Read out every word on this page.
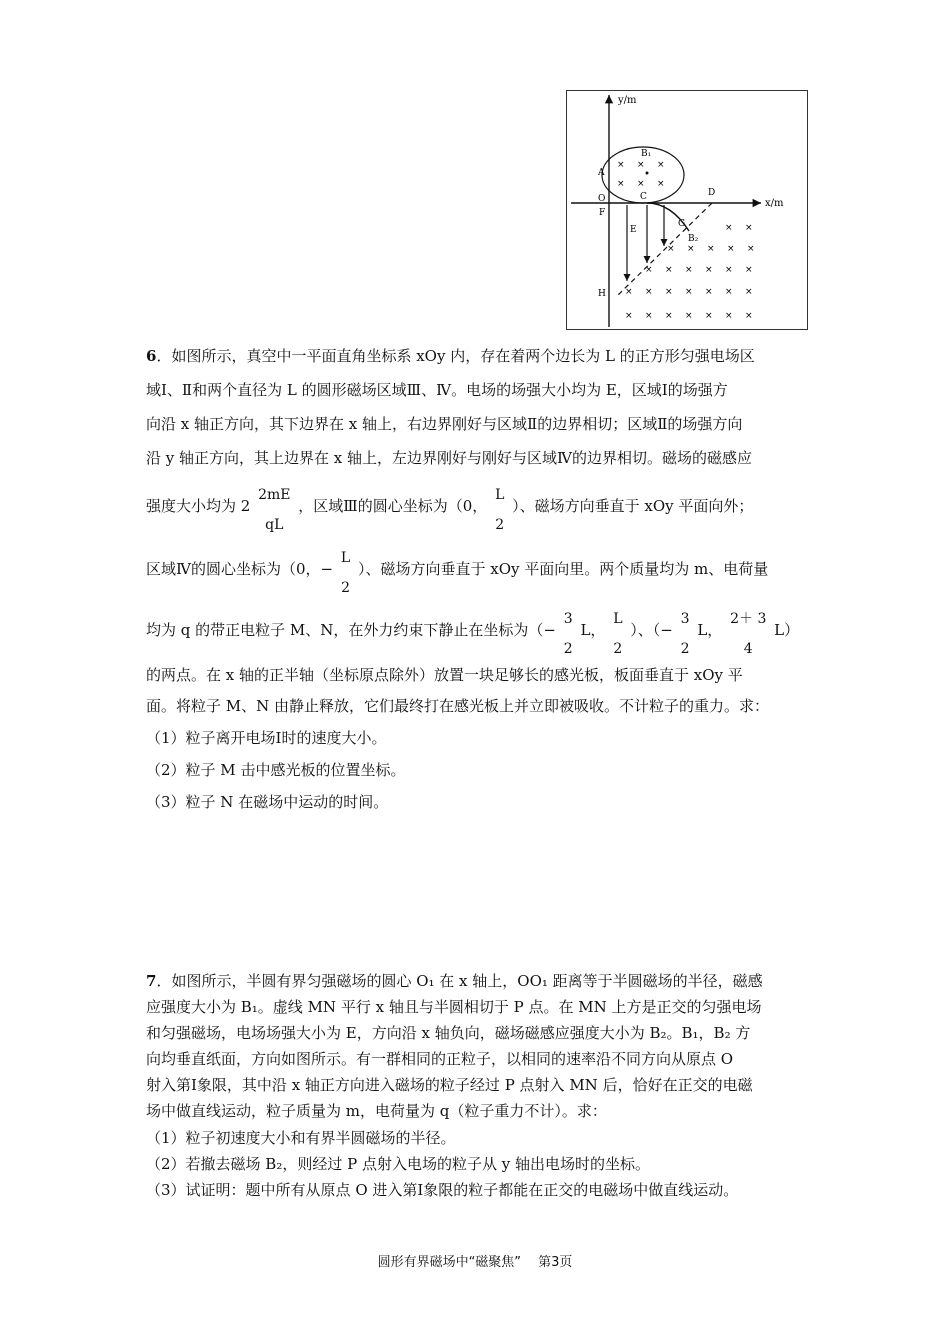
y/m
x/m
B₁
A
O
F
C	D
E
G
B₂
H
× × ×
× × ×
× ×
× × × × ×
× × × × × ×
× × × × × × ×
× × × × × × ×
6．如图所示，真空中一平面直角坐标系 xOy 内，存在着两个边长为 L 的正方形匀强电场区
域Ⅰ、Ⅱ和两个直径为 L 的圆形磁场区域Ⅲ、Ⅳ。电场的场强大小均为 E，区域Ⅰ的场强方
向沿 x 轴正方向，其下边界在 x 轴上，右边界刚好与区域Ⅱ的边界相切；区域Ⅱ的场强方向
沿 y 轴正方向，其上边界在 x 轴上，左边界刚好与刚好与区域Ⅳ的边界相切。磁场的磁感应
强度大小均为 2
2mE
qL
，区域Ⅲ的圆心坐标为（0，
L
2
）、磁场方向垂直于 xOy 平面向外；
区域Ⅳ的圆心坐标为（0，−
L
2
）、磁场方向垂直于 xOy 平面向里。两个质量均为 m、电荷量
均为 q 的带正电粒子 M、N，在外力约束下静止在坐标为（−
3
2
L，
L
2
）、（−
3
2
L，
2＋ 3
4
L）
的两点。在 x 轴的正半轴（坐标原点除外）放置一块足够长的感光板，板面垂直于 xOy 平
面。将粒子 M、N 由静止释放，它们最终打在感光板上并立即被吸收。不计粒子的重力。求：
（1）粒子离开电场Ⅰ时的速度大小。
（2）粒子 M 击中感光板的位置坐标。
（3）粒子 N 在磁场中运动的时间。
7．如图所示，半圆有界匀强磁场的圆心 O₁ 在 x 轴上，OO₁ 距离等于半圆磁场的半径，磁感
应强度大小为 B₁。虚线 MN 平行 x 轴且与半圆相切于 P 点。在 MN 上方是正交的匀强电场
和匀强磁场，电场场强大小为 E，方向沿 x 轴负向，磁场磁感应强度大小为 B₂。B₁，B₂ 方
向均垂直纸面，方向如图所示。有一群相同的正粒子，以相同的速率沿不同方向从原点 O
射入第Ⅰ象限，其中沿 x 轴正方向进入磁场的粒子经过 P 点射入 MN 后，恰好在正交的电磁
场中做直线运动，粒子质量为 m，电荷量为 q（粒子重力不计）。求：
（1）粒子初速度大小和有界半圆磁场的半径。
（2）若撤去磁场 B₂，则经过 P 点射入电场的粒子从 y 轴出电场时的坐标。
（3）试证明：题中所有从原点 O 进入第Ⅰ象限的粒子都能在正交的电磁场中做直线运动。
圆形有界磁场中“磁聚焦”　 第3页
